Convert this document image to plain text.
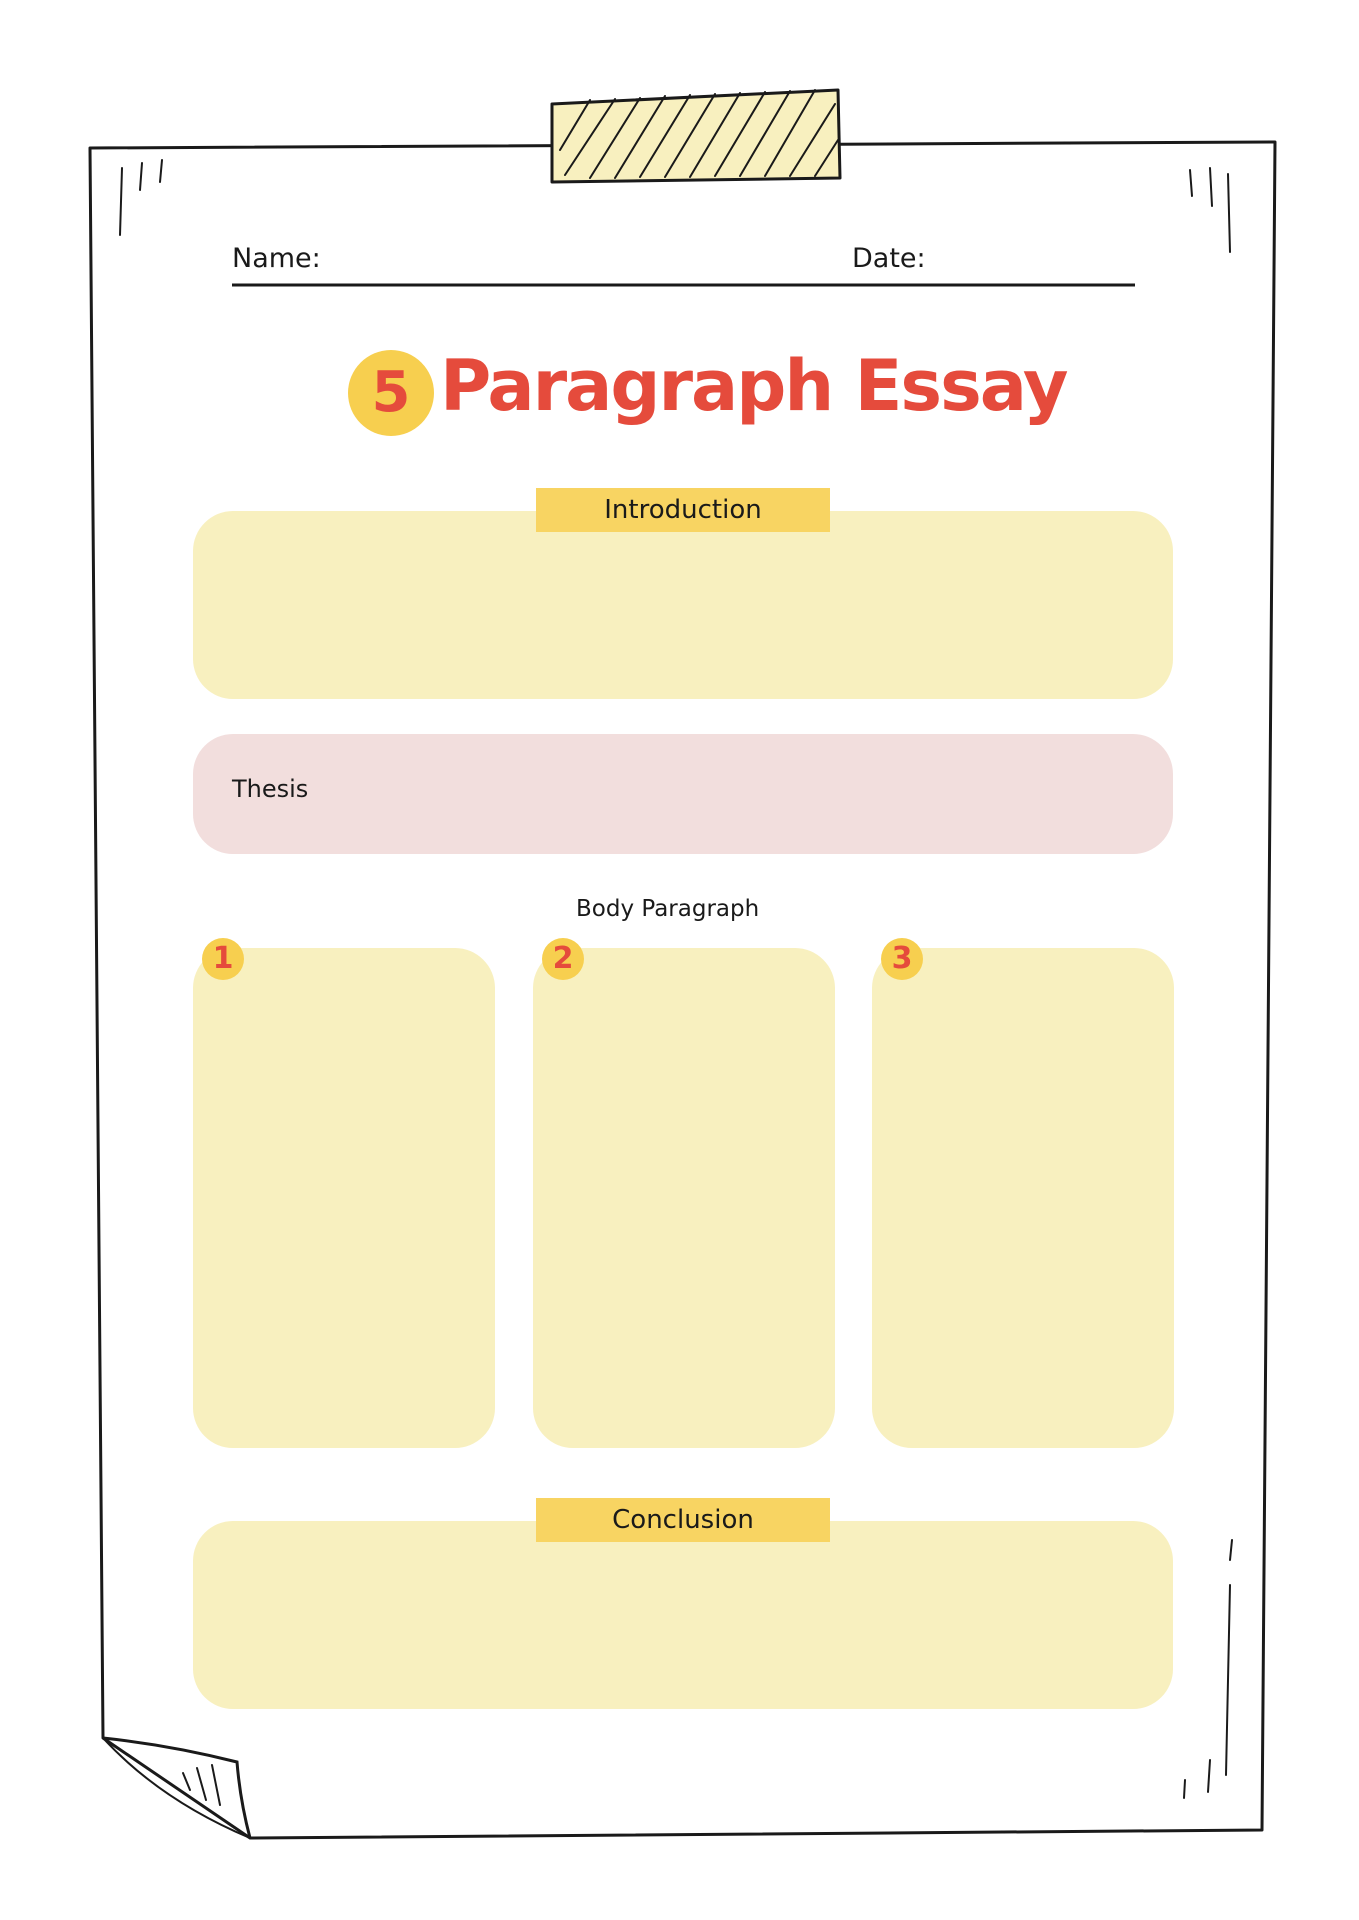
Name:	Date:
5 Paragraph Essay
Introduction
Thesis
Body Paragraph
1	2	3
Conclusion
